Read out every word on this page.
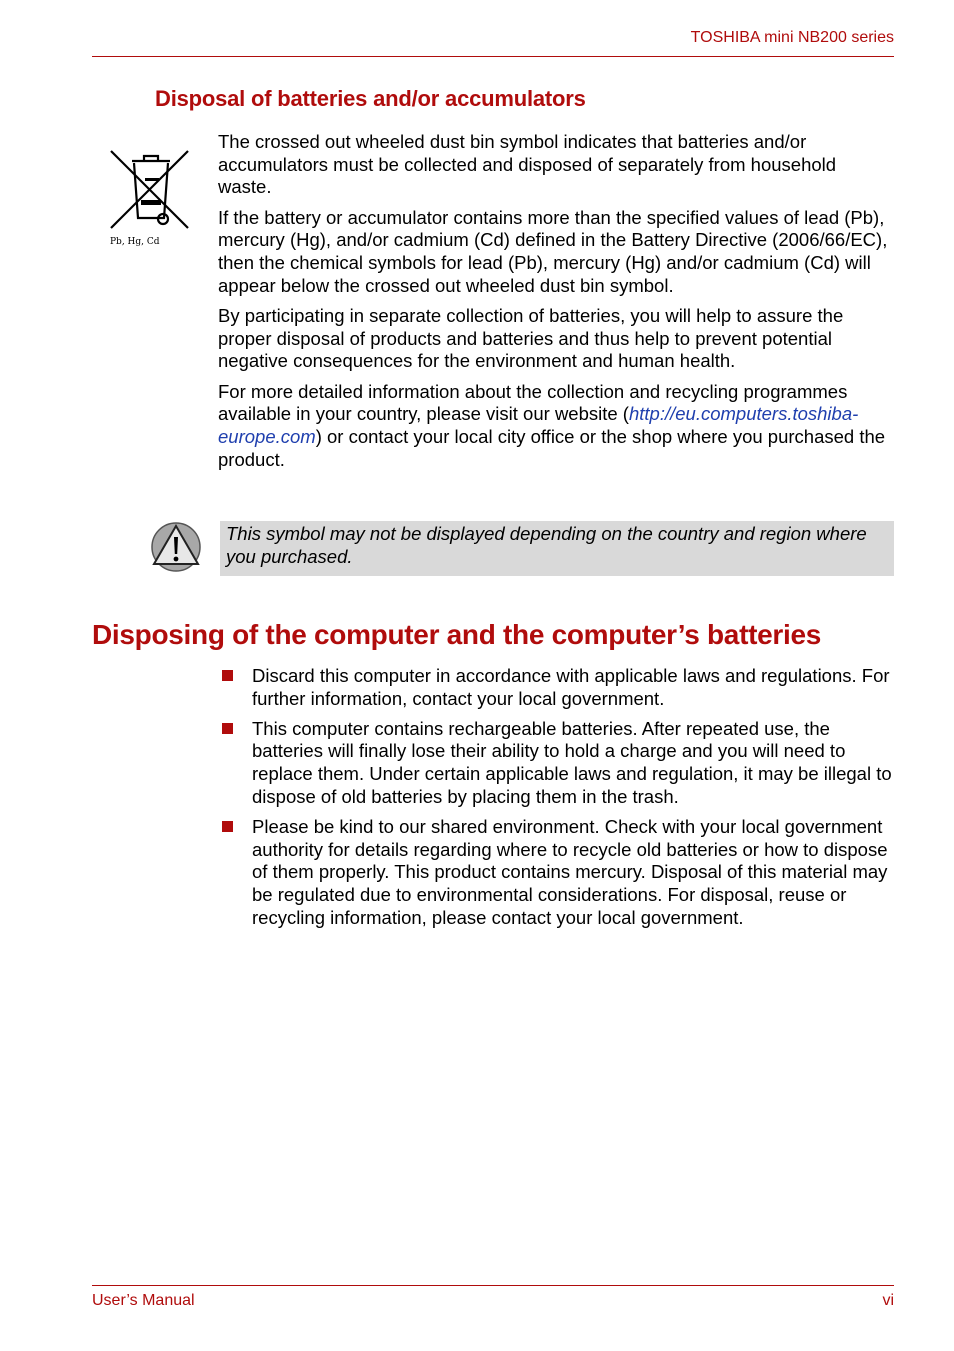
TOSHIBA mini NB200 series
Disposal of batteries and/or accumulators
Pb, Hg, Cd

The crossed out wheeled dust bin symbol indicates that batteries and/or accumulators must be collected and disposed of separately from household waste.

If the battery or accumulator contains more than the specified values of lead (Pb), mercury (Hg), and/or cadmium (Cd) defined in the Battery Directive (2006/66/EC), then the chemical symbols for lead (Pb), mercury (Hg) and/or cadmium (Cd) will appear below the crossed out wheeled dust bin symbol.

By participating in separate collection of batteries, you will help to assure the proper disposal of products and batteries and thus help to prevent potential negative consequences for the environment and human health.

For more detailed information about the collection and recycling programmes available in your country, please visit our website (http://eu.computers.toshiba-europe.com) or contact your local city office or the shop where you purchased the product.

This symbol may not be displayed depending on the country and region where you purchased.
Disposing of the computer and the computer’s batteries
Discard this computer in accordance with applicable laws and regulations. For further information, contact your local government.
This computer contains rechargeable batteries. After repeated use, the batteries will finally lose their ability to hold a charge and you will need to replace them. Under certain applicable laws and regulation, it may be illegal to dispose of old batteries by placing them in the trash.
Please be kind to our shared environment. Check with your local government authority for details regarding where to recycle old batteries or how to dispose of them properly. This product contains mercury. Disposal of this material may be regulated due to environmental considerations. For disposal, reuse or recycling information, please contact your local government.
User’s Manual	vi
